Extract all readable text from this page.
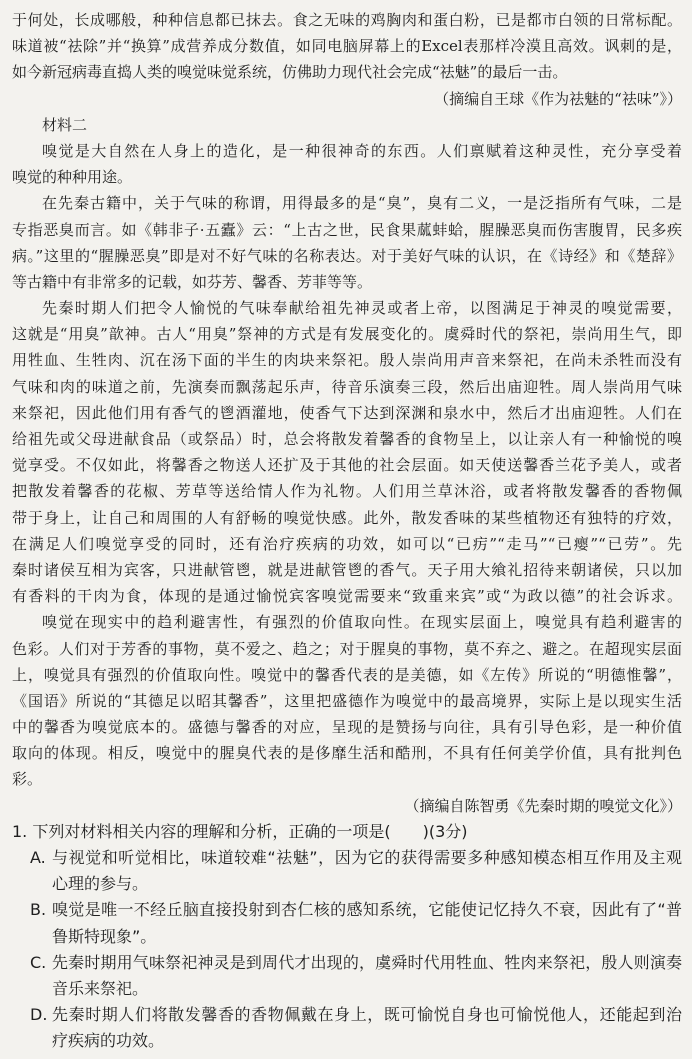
于何处，长成哪般，种种信息都已抹去。食之无味的鸡胸肉和蛋白粉，已是都市白领的日常标配。
味道被“祛除”并“换算”成营养成分数值，如同电脑屏幕上的Excel表那样冷漠且高效。讽刺的是，
如今新冠病毒直捣人类的嗅觉味觉系统，仿佛助力现代社会完成“祛魅”的最后一击。
（摘编自王球《作为祛魅的“祛味”》）
材料二
嗅觉是大自然在人身上的造化，是一种很神奇的东西。人们禀赋着这种灵性，充分享受着
嗅觉的种种用途。
在先秦古籍中，关于气味的称谓，用得最多的是“臭”，臭有二义，一是泛指所有气味，二是
专指恶臭而言。如《韩非子·五蠹》云：“上古之世，民食果蓏蚌蛤，腥臊恶臭而伤害腹胃，民多疾
病。”这里的“腥臊恶臭”即是对不好气味的名称表达。对于美好气味的认识，在《诗经》和《楚辞》
等古籍中有非常多的记载，如芬芳、馨香、芳菲等等。
先秦时期人们把令人愉悦的气味奉献给祖先神灵或者上帝，以图满足于神灵的嗅觉需要，
这就是“用臭”歆神。古人“用臭”祭神的方式是有发展变化的。虞舜时代的祭祀，崇尚用生气，即
用牲血、生牲肉、沉在汤下面的半生的肉块来祭祀。殷人崇尚用声音来祭祀，在尚未杀牲而没有
气味和肉的味道之前，先演奏而飘荡起乐声，待音乐演奏三段，然后出庙迎牲。周人崇尚用气味
来祭祀，因此他们用有香气的鬯酒灌地，使香气下达到深渊和泉水中，然后才出庙迎牲。人们在
给祖先或父母进献食品（或祭品）时，总会将散发着馨香的食物呈上，以让亲人有一种愉悦的嗅
觉享受。不仅如此，将馨香之物送人还扩及于其他的社会层面。如天使送馨香兰花予美人，或者
把散发着馨香的花椒、芳草等送给情人作为礼物。人们用兰草沐浴，或者将散发馨香的香物佩
带于身上，让自己和周围的人有舒畅的嗅觉快感。此外，散发香味的某些植物还有独特的疗效，
在满足人们嗅觉享受的同时，还有治疗疾病的功效，如可以“已疠”“走马”“已瘿”“已劳”。先
秦时诸侯互相为宾客，只进献管鬯，就是进献管鬯的香气。天子用大飨礼招待来朝诸侯，只以加
有香料的干肉为食，体现的是通过愉悦宾客嗅觉需要来“致重来宾”或“为政以德”的社会诉求。
嗅觉在现实中的趋利避害性，有强烈的价值取向性。在现实层面上，嗅觉具有趋利避害的
色彩。人们对于芳香的事物，莫不爱之、趋之；对于腥臭的事物，莫不弃之、避之。在超现实层面
上，嗅觉具有强烈的价值取向性。嗅觉中的馨香代表的是美德，如《左传》所说的“明德惟馨”，
《国语》所说的“其德足以昭其馨香”，这里把盛德作为嗅觉中的最高境界，实际上是以现实生活
中的馨香为嗅觉底本的。盛德与馨香的对应，呈现的是赞扬与向往，具有引导色彩，是一种价值
取向的体现。相反，嗅觉中的腥臭代表的是侈靡生活和酷刑，不具有任何美学价值，具有批判色
彩。
（摘编自陈智勇《先秦时期的嗅觉文化》）
1. 下列对材料相关内容的理解和分析，正确的一项是(　　)(3分)
A. 与视觉和听觉相比，味道较难“祛魅”，因为它的获得需要多种感知模态相互作用及主观
心理的参与。
B. 嗅觉是唯一不经丘脑直接投射到杏仁核的感知系统，它能使记忆持久不衰，因此有了“普
鲁斯特现象”。
C. 先秦时期用气味祭祀神灵是到周代才出现的，虞舜时代用牲血、牲肉来祭祀，殷人则演奏
音乐来祭祀。
D. 先秦时期人们将散发馨香的香物佩戴在身上，既可愉悦自身也可愉悦他人，还能起到治
疗疾病的功效。
